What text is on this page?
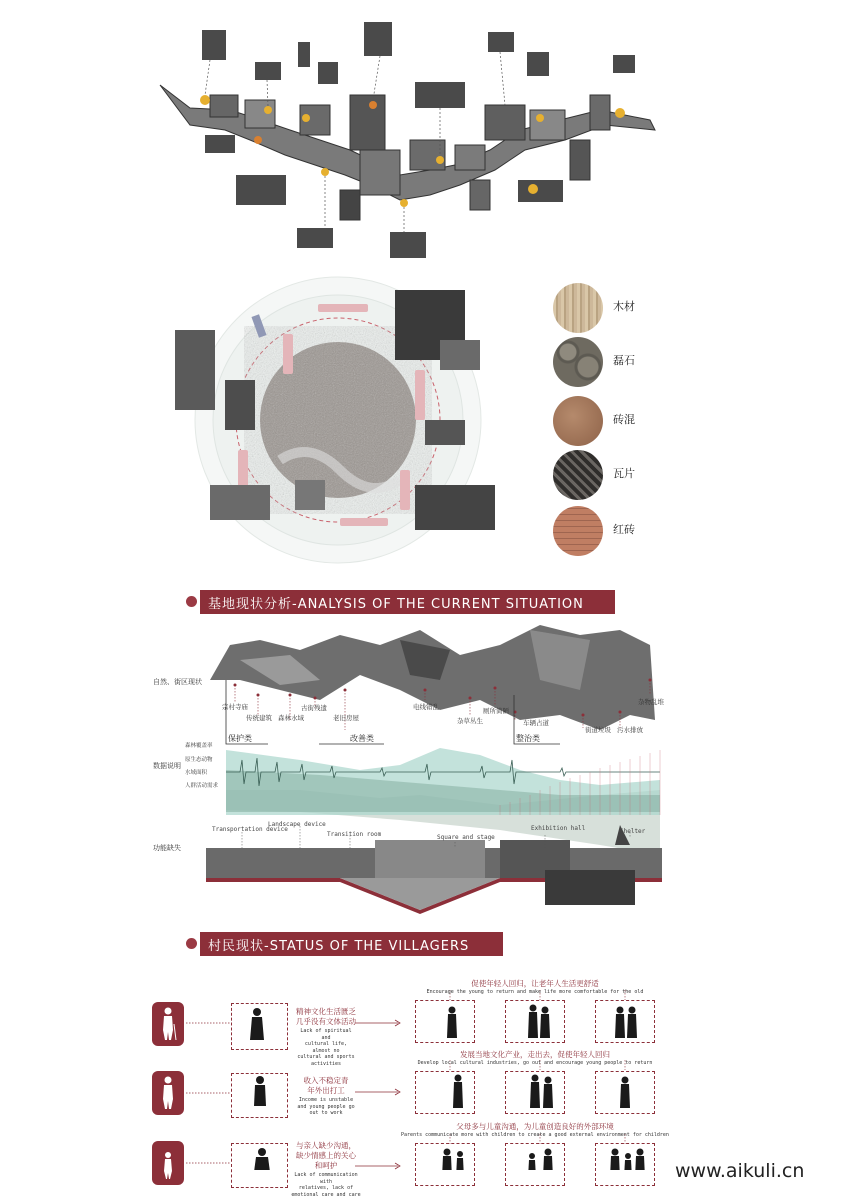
木材
磊石
砖混
瓦片
红砖
基地现状分析-ANALYSIS OF THE CURRENT SITUATION
自然、街区现状
数据说明
功能缺失
森林覆盖率
原生态动物
水域面积
人群活动需求
宗村寺庙
传统建筑 森林水域
古街残遗
老旧房屋
电线错乱
杂草丛生
厕所简陋
车辆占道
街道垃圾 污水排放
杂物乱堆
保护类	改善类	整治类
Transportation device
Landscape device
Transition room	Square and stage
Exhibition hall	Shelter
村民现状-STATUS OF THE VILLAGERS
精神文化生活匮乏
几乎没有文体活动
Lack of spiritual and
cultural life, almost no
cultural and sports
activities
收入不稳定青
年外出打工
Income is unstable
and young people go
out to work
与亲人缺少沟通，
缺少情感上的关心
和呵护
Lack of communication with
relatives, lack of
emotional care and care
促使年轻人回归，让老年人生活更舒适
Encourage the young to return and make life more comfortable for the old
发展当地文化产业，走出去，促使年轻人回归
Develop local cultural industries, go out and encourage young people to return
父母多与儿童沟通，为儿童创造良好的外部环境
Parents communicate more with children to create a good external environment for children
www.aikuli.cn
